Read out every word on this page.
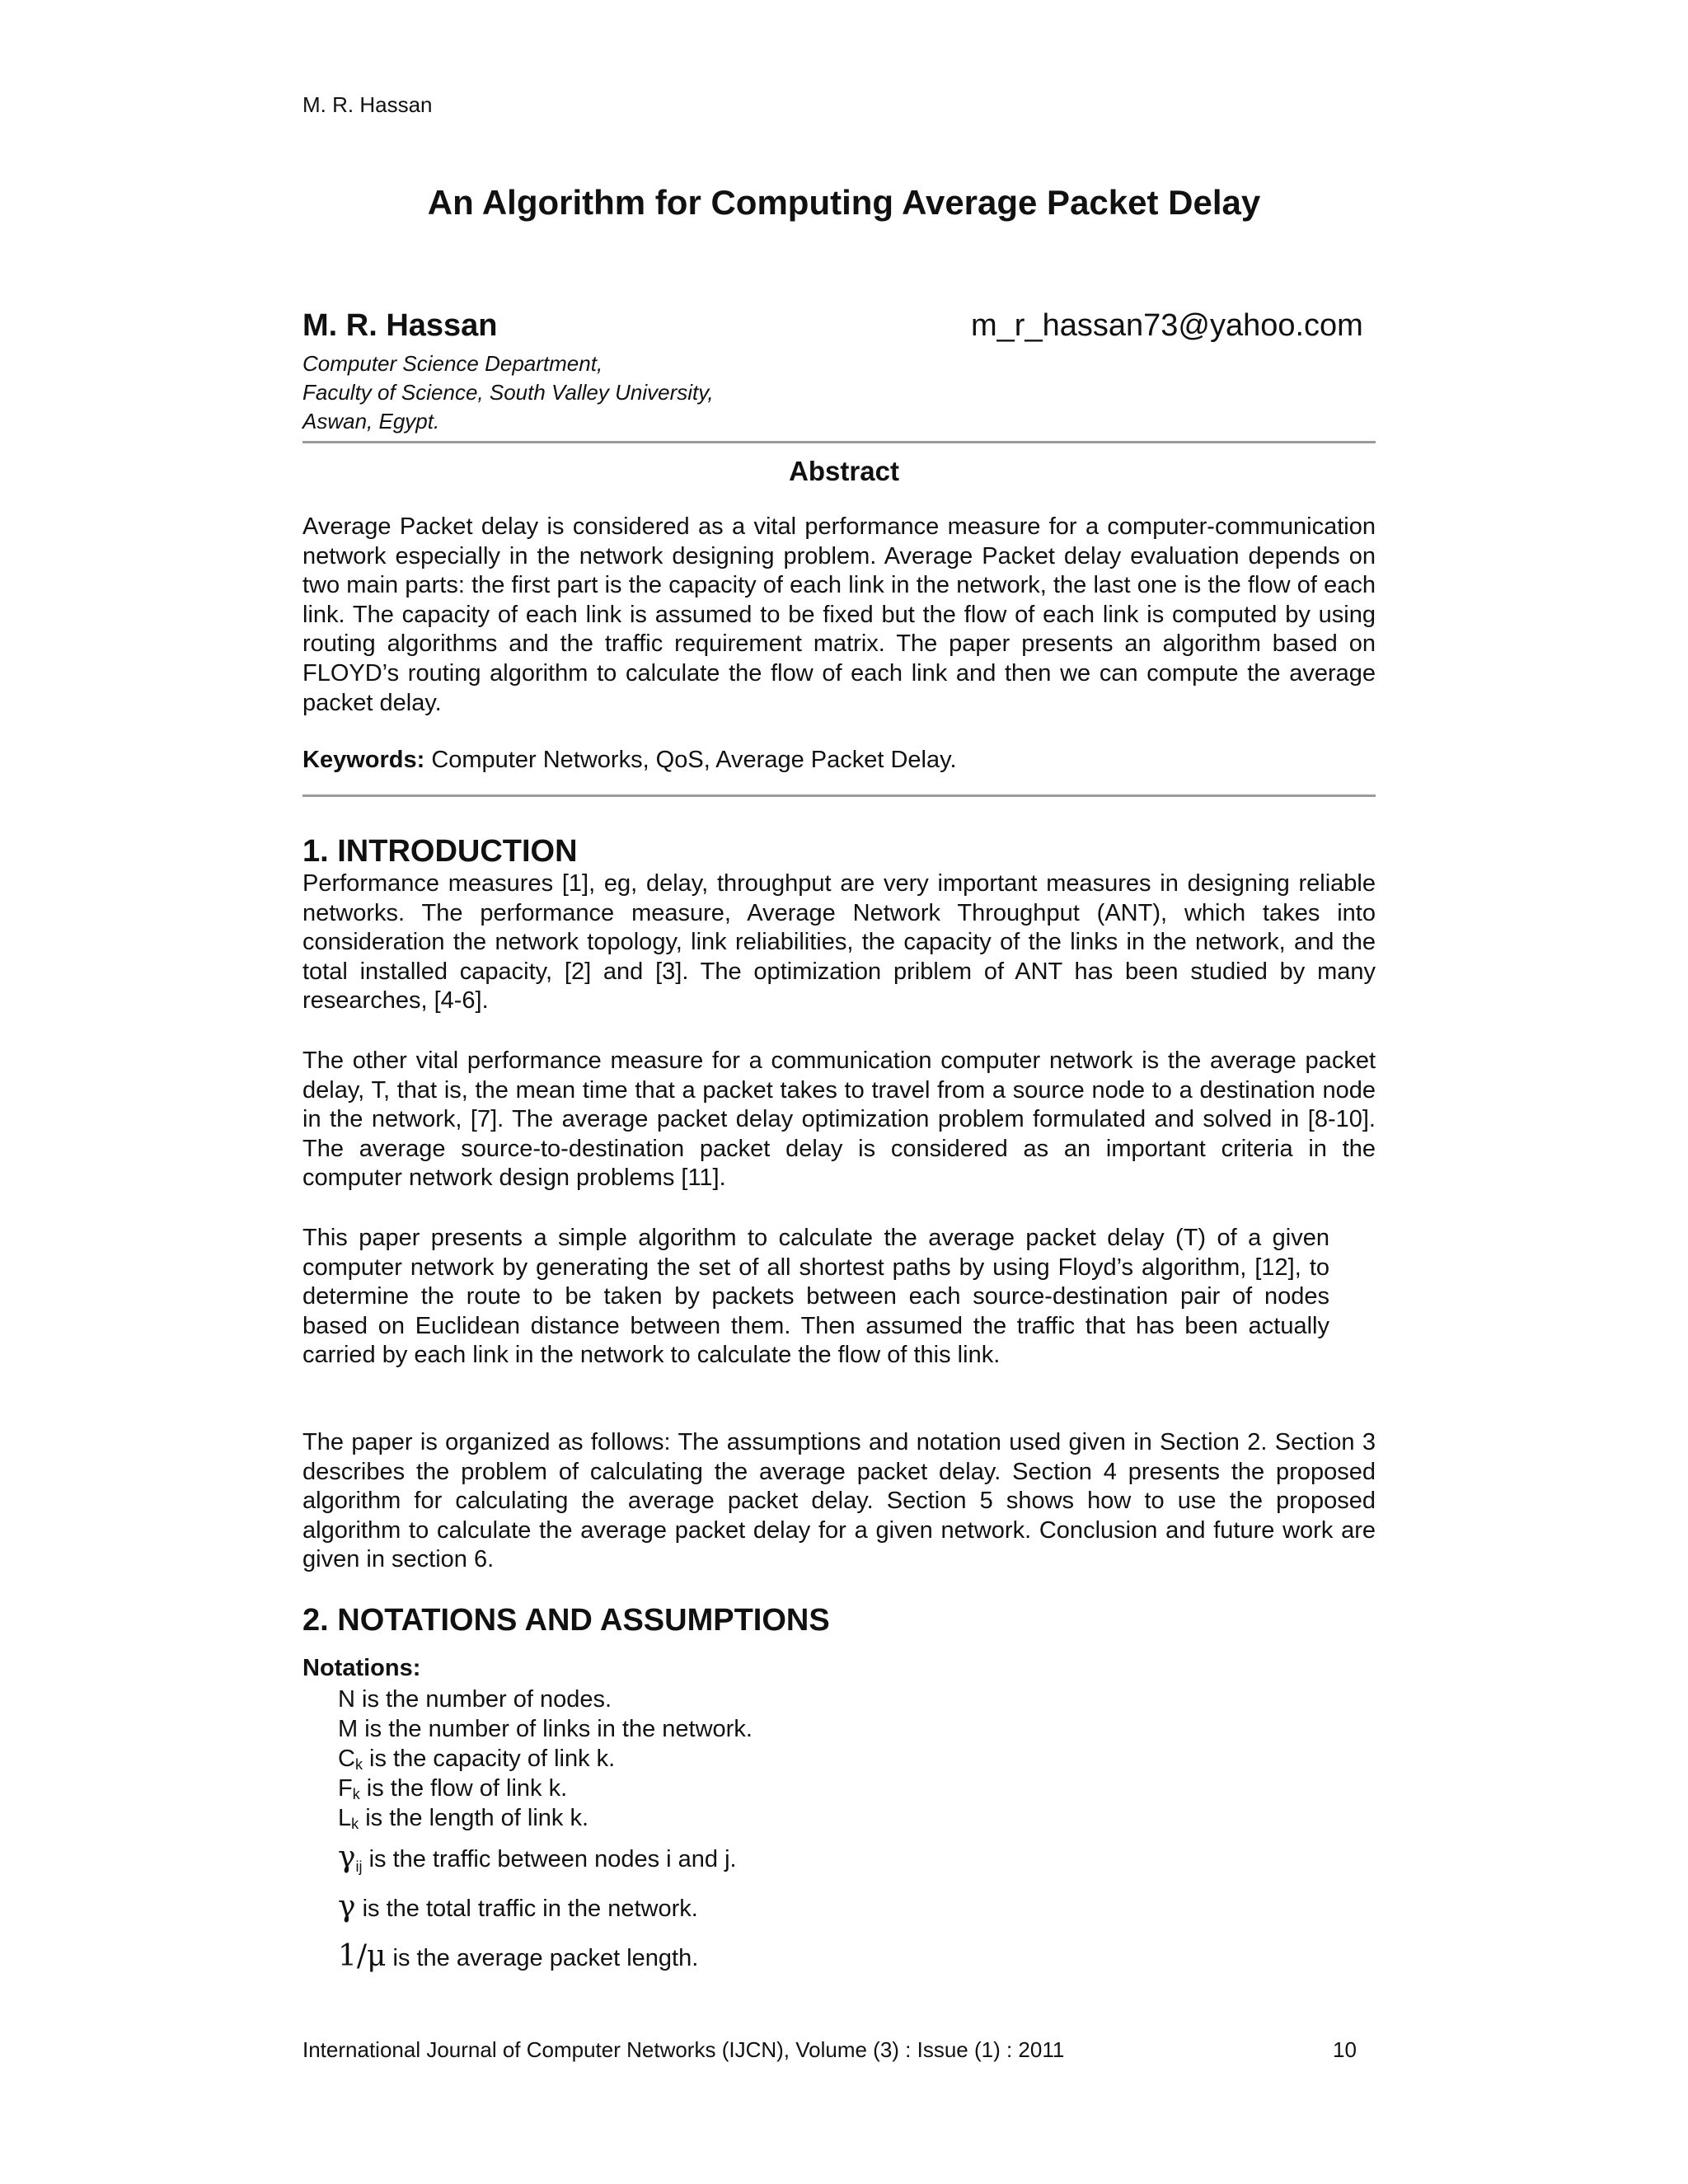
M. R. Hassan
An Algorithm for Computing Average Packet Delay
M. R. Hassan	m_r_hassan73@yahoo.com
Computer Science Department,
Faculty of Science, South Valley University,
Aswan, Egypt.
Abstract

Average Packet delay is considered as a vital performance measure for a computer-communication network especially in the network designing problem. Average Packet delay evaluation depends on two main parts: the first part is the capacity of each link in the network, the last one is the flow of each link. The capacity of each link is assumed to be fixed but the flow of each link is computed by using routing algorithms and the traffic requirement matrix. The paper presents an algorithm based on FLOYD’s routing algorithm to calculate the flow of each link and then we can compute the average packet delay.

Keywords: Computer Networks, QoS, Average Packet Delay.

1. INTRODUCTION

Performance measures [1], eg, delay, throughput are very important measures in designing reliable networks. The performance measure, Average Network Throughput (ANT), which takes into consideration the network topology, link reliabilities, the capacity of the links in the network, and the total installed capacity, [2] and [3]. The optimization priblem of ANT has been studied by many researches, [4-6].

The other vital performance measure for a communication computer network is the average packet delay, T, that is, the mean time that a packet takes to travel from a source node to a destination node in the network, [7]. The average packet delay optimization problem formulated and solved in [8-10]. The average source-to-destination packet delay is considered as an important criteria in the computer network design problems [11].

This paper presents a simple algorithm to calculate the average packet delay (T) of a given computer network by generating the set of all shortest paths by using Floyd’s algorithm, [12], to determine the route to be taken by packets between each source-destination pair of nodes based on Euclidean distance between them. Then assumed the traffic that has been actually carried by each link in the network to calculate the flow of this link.

The paper is organized as follows: The assumptions and notation used given in Section 2. Section 3 describes the problem of calculating the average packet delay. Section 4 presents the proposed algorithm for calculating the average packet delay. Section 5 shows how to use the proposed algorithm to calculate the average packet delay for a given network. Conclusion and future work are given in section 6.

2. NOTATIONS AND ASSUMPTIONS
Notations:
N is the number of nodes.
M is the number of links in the network.
$C_k$ is the capacity of link k.
$F_k$ is the flow of link k.
$L_k$ is the length of link k.
$\gamma_{ij}$ is the traffic between nodes i and j.
γ is the total traffic in the network.
1/μ is the average packet length.
International Journal of Computer Networks (IJCN), Volume (3) : Issue (1) : 2011	10
